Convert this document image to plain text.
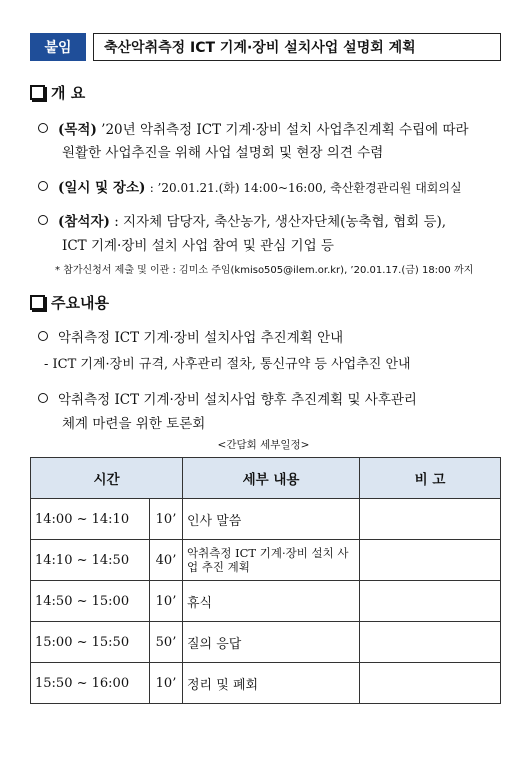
붙임	축산악취측정 ICT 기계·장비 설치사업 설명회 계획
개 요
(목적) ’20년 악취측정 ICT 기계·장비 설치 사업추진계획 수립에 따라
원활한 사업추진을 위해 사업 설명회 및 현장 의견 수렴
(일시 및 장소) : ’20.01.21.(화) 14:00~16:00, 축산환경관리원 대회의실
(참석자) : 지자체 담당자, 축산농가, 생산자단체(농축협, 협회 등),
ICT 기계·장비 설치 사업 참여 및 관심 기업 등
* 참가신청서 제출 및 이관 : 김미소 주임(kmiso505@ilem.or.kr), ’20.01.17.(금) 18:00 까지
주요내용
악취측정 ICT 기계·장비 설치사업 추진계획 안내
- ICT 기계·장비 규격, 사후관리 절차, 통신규약 등 사업추진 안내
악취측정 ICT 기계·장비 설치사업 향후 추진계획 및 사후관리
체계 마련을 위한 토론회
<간담회 세부일정>
시간		세부 내용	비 고
14:00 ~ 14:10	10’	인사 말씀	
14:10 ~ 14:50	40’	악취측정 ICT 기계·장비 설치 사업 추진 계획	

14:50 ~ 15:00	10’	휴식	
15:00 ~ 15:50	50’	질의 응답	
15:50 ~ 16:00	10’	정리 및 폐회	
